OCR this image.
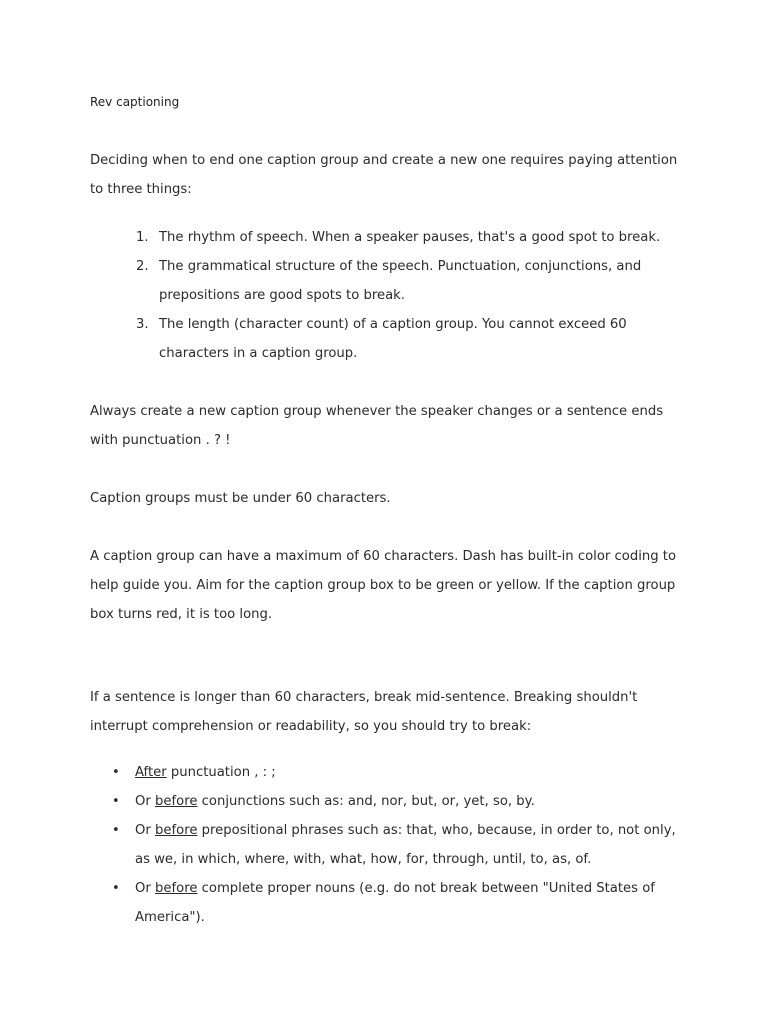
Rev captioning

Deciding when to end one caption group and create a new one requires paying attention to three things:

1. The rhythm of speech. When a speaker pauses, that's a good spot to break.
2. The grammatical structure of the speech. Punctuation, conjunctions, and prepositions are good spots to break.
3. The length (character count) of a caption group. You cannot exceed 60 characters in a caption group.

Always create a new caption group whenever the speaker changes or a sentence ends with punctuation . ? !

Caption groups must be under 60 characters.

A caption group can have a maximum of 60 characters. Dash has built-in color coding to help guide you. Aim for the caption group box to be green or yellow. If the caption group box turns red, it is too long.

If a sentence is longer than 60 characters, break mid-sentence. Breaking shouldn't interrupt comprehension or readability, so you should try to break:

• After punctuation , : ;
• Or before conjunctions such as: and, nor, but, or, yet, so, by.
• Or before prepositional phrases such as: that, who, because, in order to, not only, as we, in which, where, with, what, how, for, through, until, to, as, of.
• Or before complete proper nouns (e.g. do not break between "United States of America").
